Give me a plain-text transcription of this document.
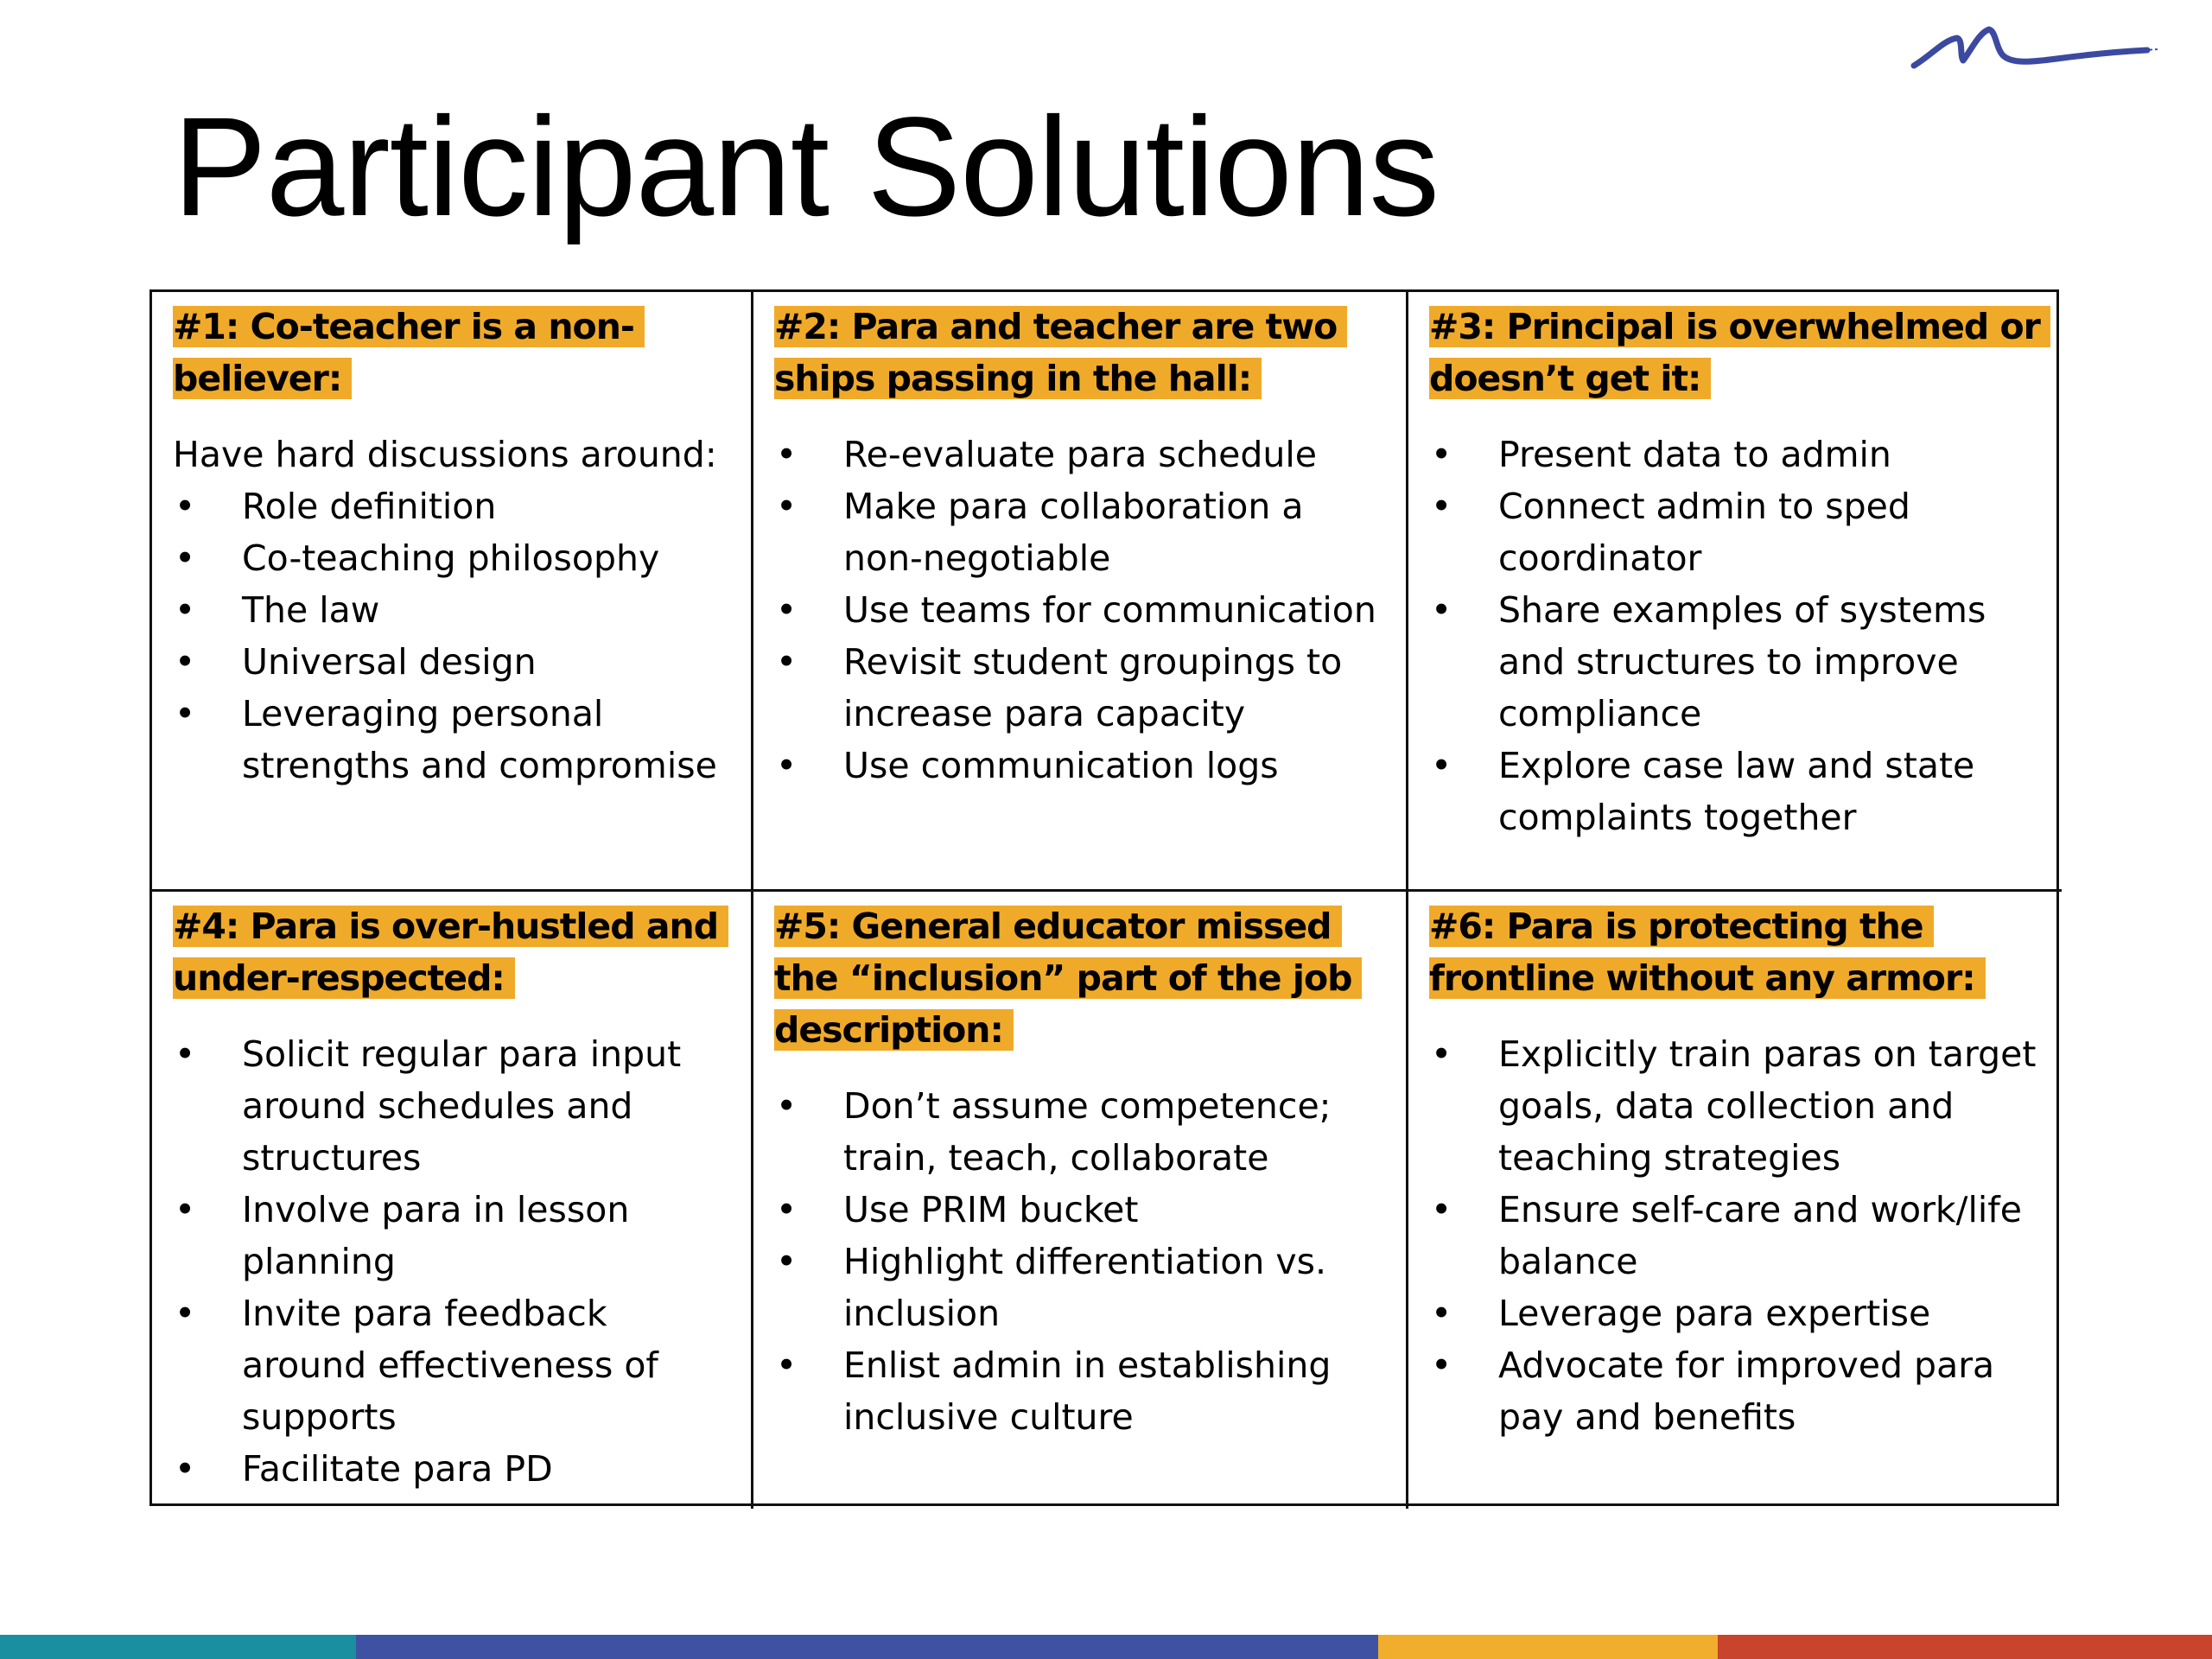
Participant Solutions

#1: Co-teacher is a non-believer:

Have hard discussions around:

• Role definition
• Co-teaching philosophy
• The law
• Universal design
• Leveraging personal strengths and compromise

#2: Para and teacher are two ships passing in the hall:

• Re-evaluate para schedule
• Make para collaboration a non-negotiable
• Use teams for communication
• Revisit student groupings to increase para capacity
• Use communication logs

#3: Principal is overwhelmed or doesn’t get it:

• Present data to admin
• Connect admin to sped coordinator
• Share examples of systems and structures to improve compliance
• Explore case law and state complaints together

#4: Para is over-hustled and under-respected:

• Solicit regular para input around schedules and structures
• Involve para in lesson planning
• Invite para feedback around effectiveness of supports
• Facilitate para PD

#5: General educator missed the “inclusion” part of the job description:

• Don’t assume competence; train, teach, collaborate
• Use PRIM bucket
• Highlight differentiation vs. inclusion
• Enlist admin in establishing inclusive culture

#6: Para is protecting the frontline without any armor:

• Explicitly train paras on target goals, data collection and teaching strategies
• Ensure self-care and work/life balance
• Leverage para expertise
• Advocate for improved para pay and benefits
